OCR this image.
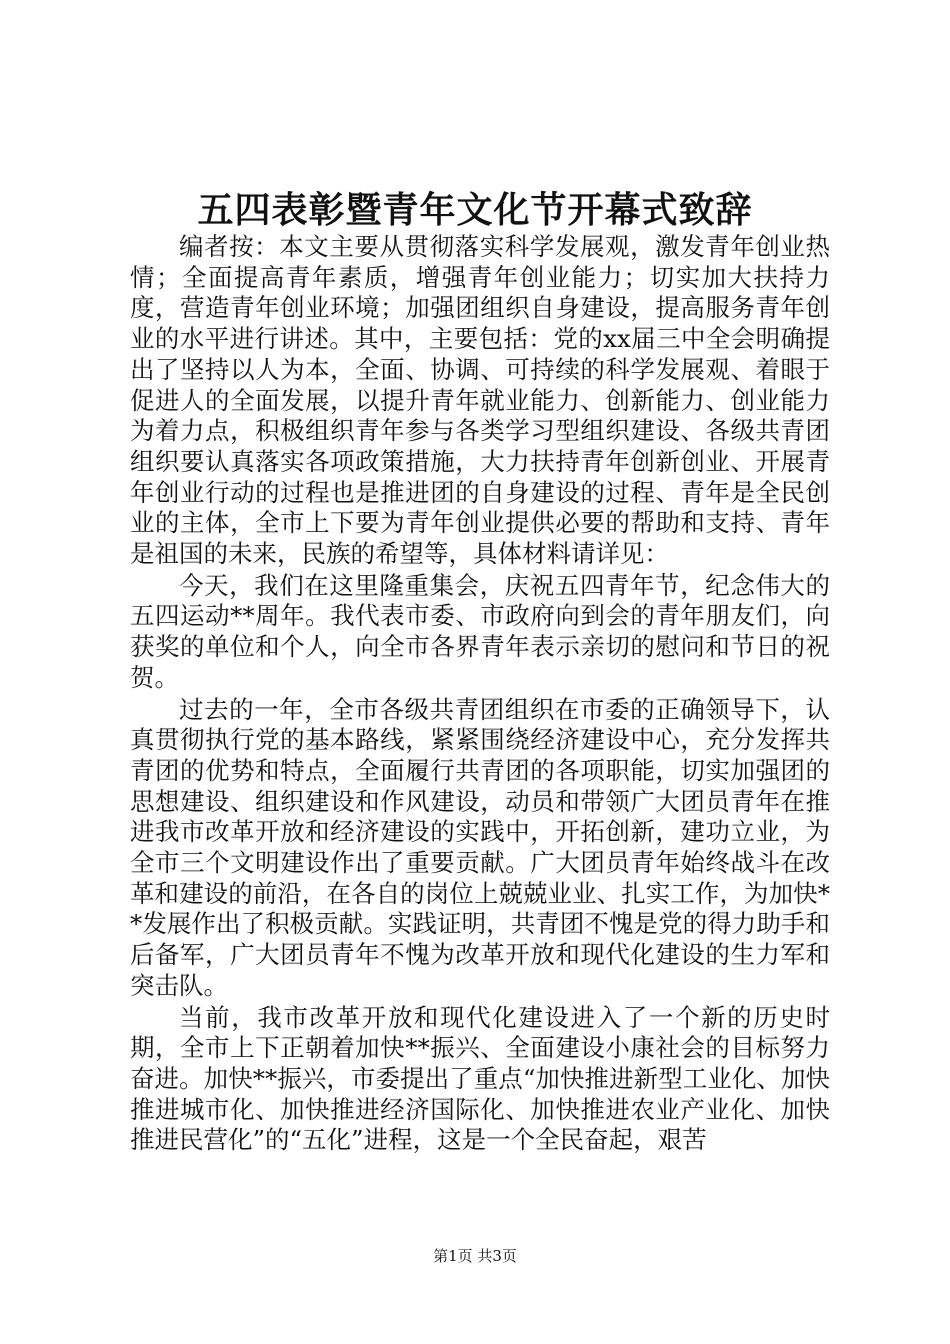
五四表彰暨青年文化节开幕式致辞

编者按：本文主要从贯彻落实科学发展观，激发青年创业热情；全面提高青年素质，增强青年创业能力；切实加大扶持力度，营造青年创业环境；加强团组织自身建设，提高服务青年创业的水平进行讲述。其中，主要包括：党的xx届三中全会明确提出了坚持以人为本，全面、协调、可持续的科学发展观、着眼于促进人的全面发展，以提升青年就业能力、创新能力、创业能力为着力点，积极组织青年参与各类学习型组织建设、各级共青团组织要认真落实各项政策措施，大力扶持青年创新创业、开展青年创业行动的过程也是推进团的自身建设的过程、青年是全民创业的主体，全市上下要为青年创业提供必要的帮助和支持、青年是祖国的未来，民族的希望等，具体材料请详见：

今天，我们在这里隆重集会，庆祝五四青年节，纪念伟大的五四运动**周年。我代表市委、市政府向到会的青年朋友们，向获奖的单位和个人，向全市各界青年表示亲切的慰问和节日的祝贺。

过去的一年，全市各级共青团组织在市委的正确领导下，认真贯彻执行党的基本路线，紧紧围绕经济建设中心，充分发挥共青团的优势和特点，全面履行共青团的各项职能，切实加强团的思想建设、组织建设和作风建设，动员和带领广大团员青年在推进我市改革开放和经济建设的实践中，开拓创新，建功立业，为全市三个文明建设作出了重要贡献。广大团员青年始终战斗在改革和建设的前沿，在各自的岗位上兢兢业业、扎实工作，为加快**发展作出了积极贡献。实践证明，共青团不愧是党的得力助手和后备军，广大团员青年不愧为改革开放和现代化建设的生力军和突击队。

当前，我市改革开放和现代化建设进入了一个新的历史时期，全市上下正朝着加快**振兴、全面建设小康社会的目标努力奋进。加快**振兴，市委提出了重点“加快推进新型工业化、加快推进城市化、加快推进经济国际化、加快推进农业产业化、加快推进民营化”的“五化”进程，这是一个全民奋起，艰苦

第1页 共3页
